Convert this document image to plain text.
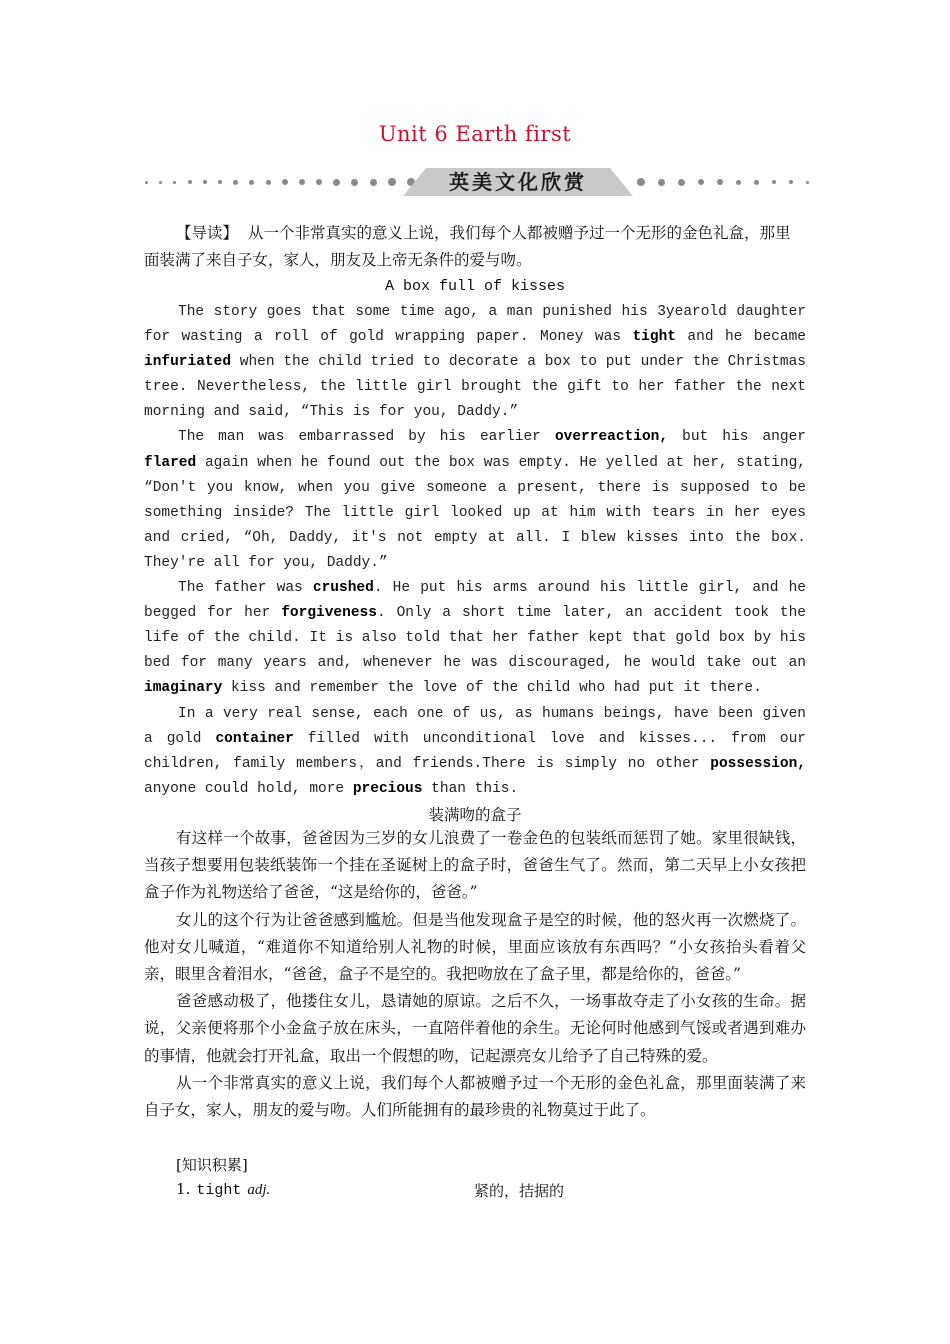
Unit 6 Earth first
英美文化欣赏
【导读】 从一个非常真实的意义上说，我们每个人都被赠予过一个无形的金色礼盒，那里面装满了来自子女，家人，朋友及上帝无条件的爱与吻。
A box full of kisses

The story goes that some time ago, a man punished his 3yearold daughter for wasting a roll of gold wrapping paper. Money was tight and he became infuriated when the child tried to decorate a box to put under the Christmas tree. Nevertheless, the little girl brought the gift to her father the next morning and said, “This is for you, Daddy.”

The man was embarrassed by his earlier overreaction, but his anger flared again when he found out the box was empty. He yelled at her, stating, “Don't you know, when you give someone a present, there is supposed to be something inside? The little girl looked up at him with tears in her eyes and cried, “Oh, Daddy, it's not empty at all. I blew kisses into the box. They're all for you, Daddy.”

The father was crushed. He put his arms around his little girl, and he begged for her forgiveness. Only a short time later, an accident took the life of the child. It is also told that her father kept that gold box by his bed for many years and, whenever he was discouraged, he would take out an imaginary kiss and remember the love of the child who had put it there.

In a very real sense, each one of us, as humans beings, have been given a gold container filled with unconditional love and kisses... from our children, family members，and friends.There is simply no other possession, anyone could hold, more precious than this.

装满吻的盒子

有这样一个故事，爸爸因为三岁的女儿浪费了一卷金色的包装纸而惩罚了她。家里很缺钱，当孩子想要用包装纸装饰一个挂在圣诞树上的盒子时，爸爸生气了。然而，第二天早上小女孩把盒子作为礼物送给了爸爸，“这是给你的，爸爸。”

女儿的这个行为让爸爸感到尴尬。但是当他发现盒子是空的时候，他的怒火再一次燃烧了。他对女儿喊道，“难道你不知道给别人礼物的时候，里面应该放有东西吗？”小女孩抬头看着父亲，眼里含着泪水，“爸爸，盒子不是空的。我把吻放在了盒子里，都是给你的，爸爸。”

爸爸感动极了，他搂住女儿，恳请她的原谅。之后不久，一场事故夺走了小女孩的生命。据说，父亲便将那个小金盒子放在床头，一直陪伴着他的余生。无论何时他感到气馁或者遇到难办的事情，他就会打开礼盒，取出一个假想的吻，记起漂亮女儿给予了自己特殊的爱。

从一个非常真实的意义上说，我们每个人都被赠予过一个无形的金色礼盒，那里面装满了来自子女，家人，朋友的爱与吻。人们所能拥有的最珍贵的礼物莫过于此了。

[知识积累]
1. tight adj.	紧的，拮据的
